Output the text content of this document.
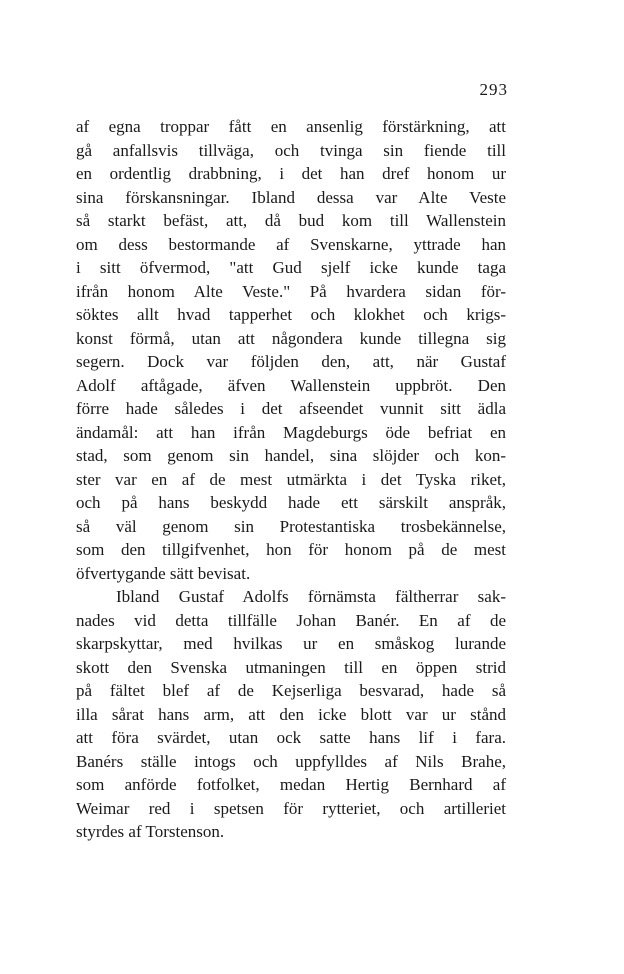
293
af egna troppar fått en ansenlig förstärkning, att
gå anfallsvis tillväga, och tvinga sin fiende till
en ordentlig drabbning, i det han dref honom ur
sina förskansningar. Ibland dessa var Alte Veste
så starkt befäst, att, då bud kom till Wallenstein
om dess bestormande af Svenskarne, yttrade han
i sitt öfvermod, "att Gud sjelf icke kunde taga
ifrån honom Alte Veste." På hvardera sidan för-
söktes allt hvad tapperhet och klokhet och krigs-
konst förmå, utan att någondera kunde tillegna sig
segern. Dock var följden den, att, när Gustaf
Adolf aftågade, äfven Wallenstein uppbröt. Den
förre hade således i det afseendet vunnit sitt ädla
ändamål: att han ifrån Magdeburgs öde befriat en
stad, som genom sin handel, sina slöjder och kon-
ster var en af de mest utmärkta i det Tyska riket,
och på hans beskydd hade ett särskilt anspråk,
så väl genom sin Protestantiska trosbekännelse,
som den tillgifvenhet, hon för honom på de mest
öfvertygande sätt bevisat.
Ibland Gustaf Adolfs förnämsta fältherrar sak-
nades vid detta tillfälle Johan Banér. En af de
skarpskyttar, med hvilkas ur en småskog lurande
skott den Svenska utmaningen till en öppen strid
på fältet blef af de Kejserliga besvarad, hade så
illa sårat hans arm, att den icke blott var ur stånd
att föra svärdet, utan ock satte hans lif i fara.
Banérs ställe intogs och uppfylldes af Nils Brahe,
som anförde fotfolket, medan Hertig Bernhard af
Weimar red i spetsen för rytteriet, och artilleriet
styrdes af Torstenson.
